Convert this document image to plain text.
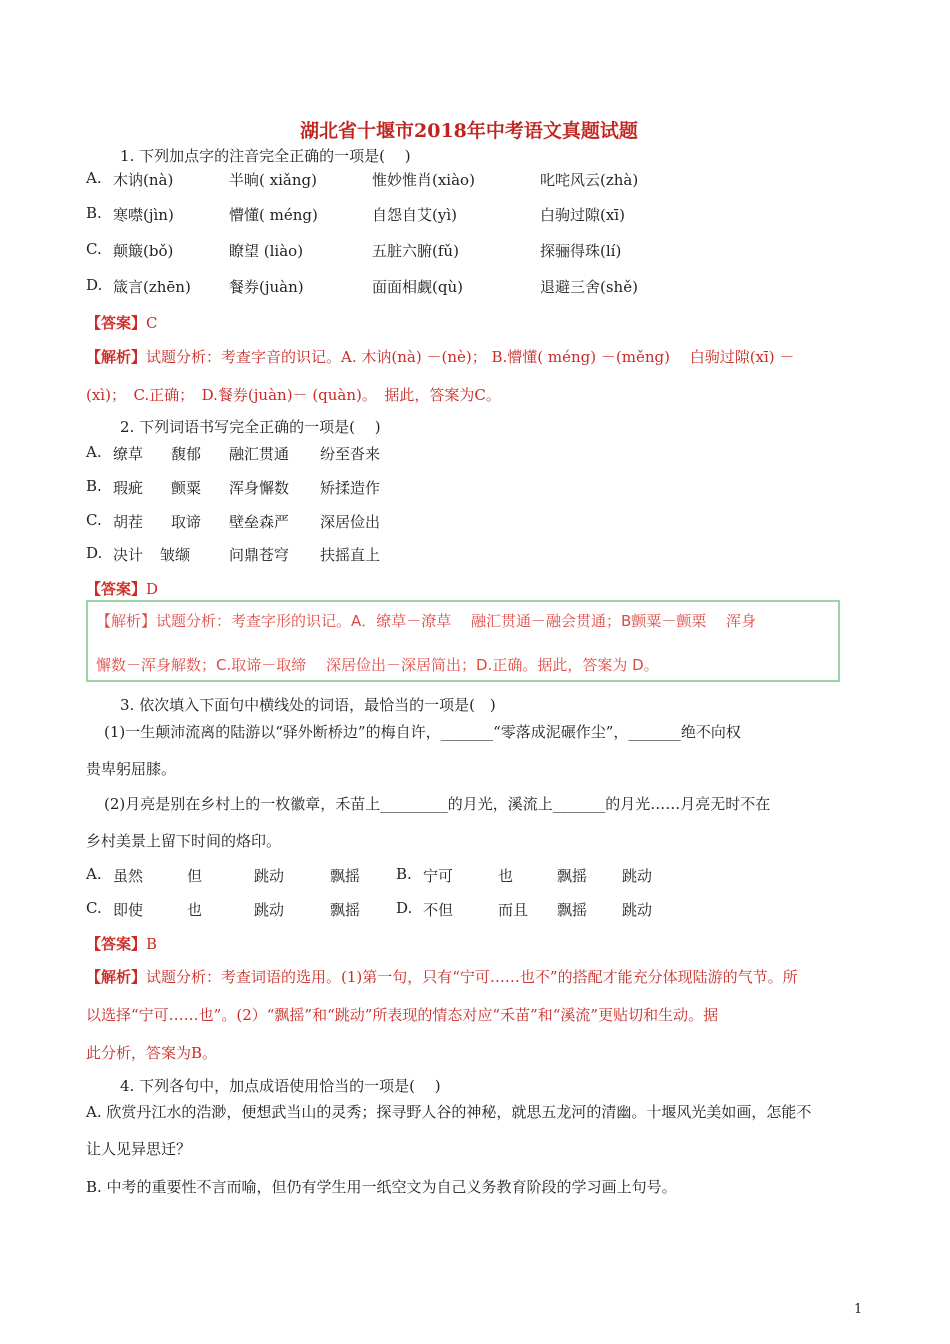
湖北省十堰市2018年中考语文真题试题
1. 下列加点字的注音完全正确的一项是(　 )
A. 木讷(nà)	半晌( xiǎng)	惟妙惟肖(xiào)	叱咤风云(zhà)
B. 寒噤(jìn)	懵懂( méng)	自怨自艾(yì)	白驹过隙(xī)
C. 颠簸(bǒ)	瞭望 (liào)	五脏六腑(fǔ)	探骊得珠(lí)
D. 箴言(zhēn)	餐券(juàn)	面面相觑(qù)	退避三舍(shě)
【答案】C
【解析】试题分析：考查字音的识记。A. 木讷(nà) －(nè)； B.懵懂( méng) －(měng)　 白驹过隙(xī) －
(xì)；　C.正确；　D.餐券(juàn)－ (quàn)。　据此，答案为C。
2. 下列词语书写完全正确的一项是(　 )
A. 缭草 馥郁 融汇贯通 纷至沓来
B. 瑕疵 颤粟 浑身懈数 矫揉造作
C. 胡茬 取谛 壁垒森严 深居俭出
D. 决计 皱缬	问鼎苍穹 扶摇直上
【答案】D
【解析】试题分析：考查字形的识记。A．缭草－潦草　 融汇贯通－融会贯通；B颤粟－颤栗　 浑身
懈数－浑身解数；C.取谛－取缔　 深居俭出－深居简出；D.正确。据此，答案为 D。
3. 依次填入下面句中横线处的词语，最恰当的一项是(　)
(1)一生颠沛流离的陆游以“驿外断桥边”的梅自许，_______“零落成泥碾作尘”，_______绝不向权
贵卑躬屈膝。
(2)月亮是别在乡村上的一枚徽章，禾苗上_________的月光，溪流上_______的月光……月亮无时不在
乡村美景上留下时间的烙印。
A. 虽然	但	跳动	飘摇 B. 宁可	也	飘摇 跳动
C. 即使	也	跳动	飘摇 D. 不但	而且 飘摇 跳动
【答案】B
【解析】试题分析：考查词语的选用。(1)第一句，只有“宁可……也不”的搭配才能充分体现陆游的气节。所
以选择“宁可……也”。(2）“飘摇”和“跳动”所表现的情态对应“禾苗”和“溪流”更贴切和生动。据
此分析，答案为B。
4. 下列各句中，加点成语使用恰当的一项是(　 )
A. 欣赏丹江水的浩渺，便想武当山的灵秀；探寻野人谷的神秘，就思五龙河的清幽。十堰风光美如画，怎能不
让人见异思迁？
B. 中考的重要性不言而喻，但仍有学生用一纸空文为自己义务教育阶段的学习画上句号。
1
